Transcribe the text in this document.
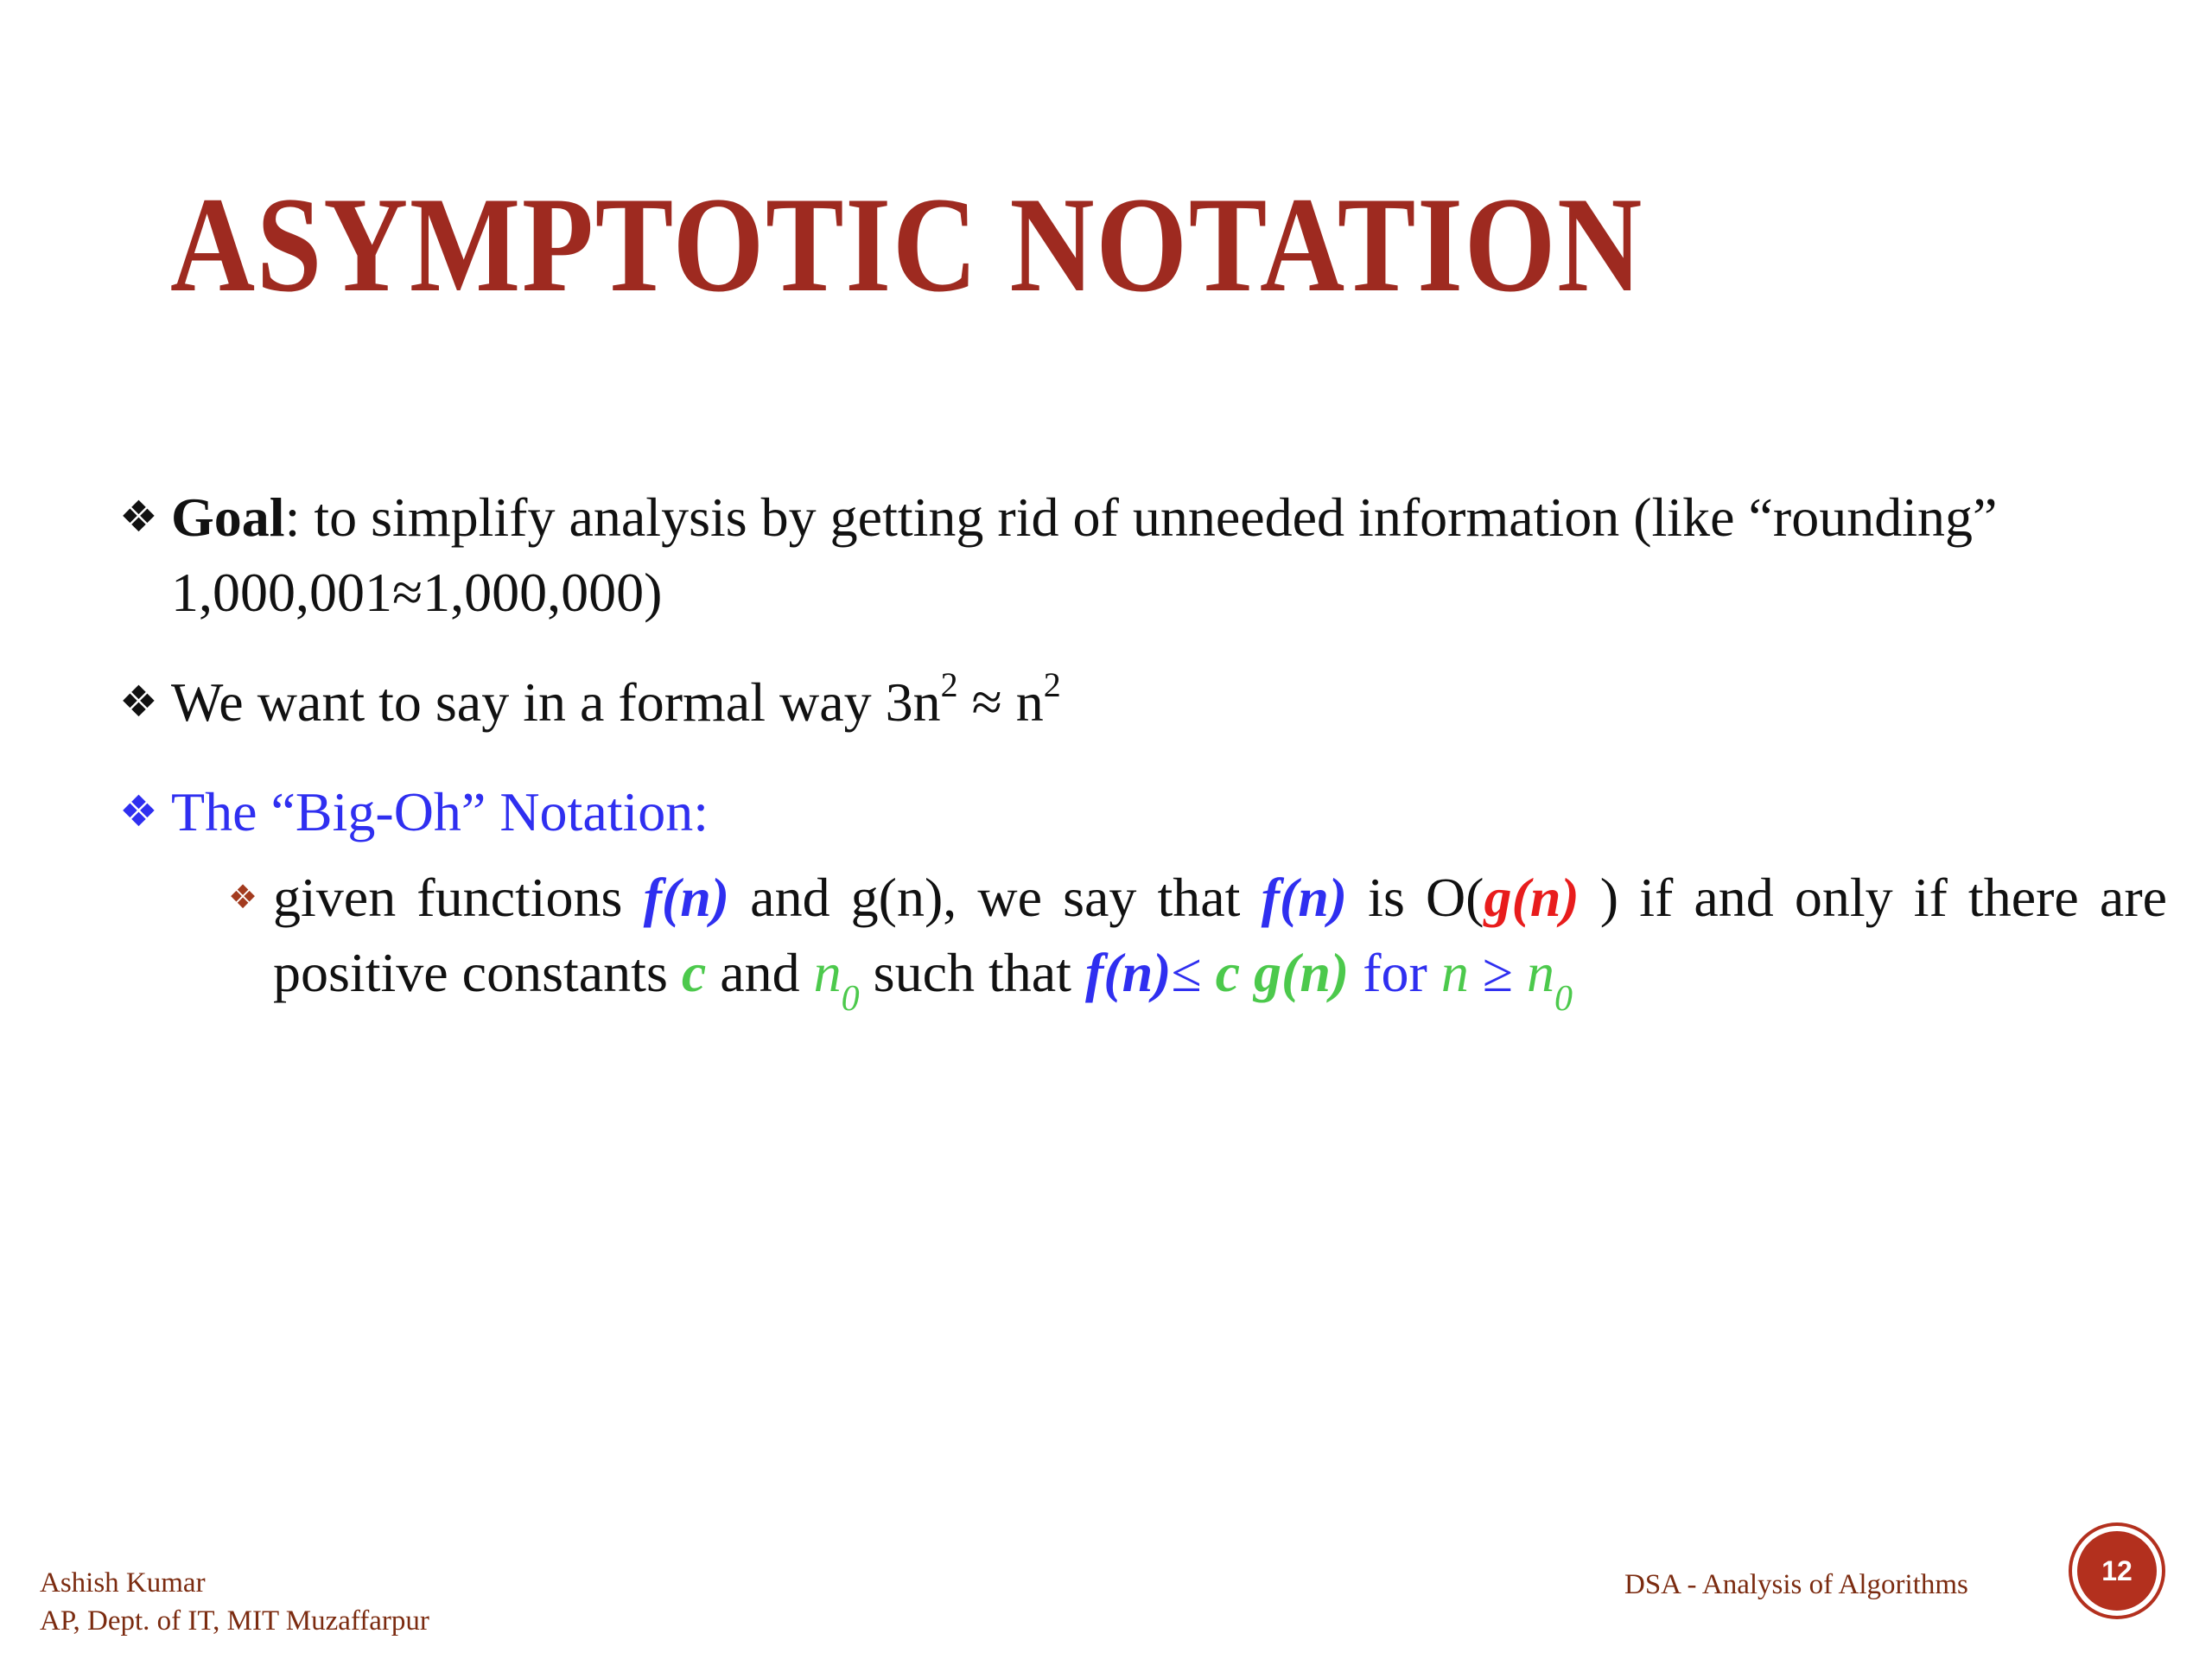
ASYMPTOTIC NOTATION
❖ Goal: to simplify analysis by getting rid of unneeded information (like “rounding” 1,000,001≈1,000,000)
❖ We want to say in a formal way $3n^2 \approx n^2$
❖ The “Big-Oh” Notation:
❖ given functions f(n) and g(n), we say that f(n) is O(g(n) ) if and only if there are positive constants c and $n_0$ such that f(n)≤ c g(n) for $n \ge n_0$
Ashish Kumar
AP, Dept. of IT, MIT Muzaffarpur
DSA - Analysis of Algorithms	12
